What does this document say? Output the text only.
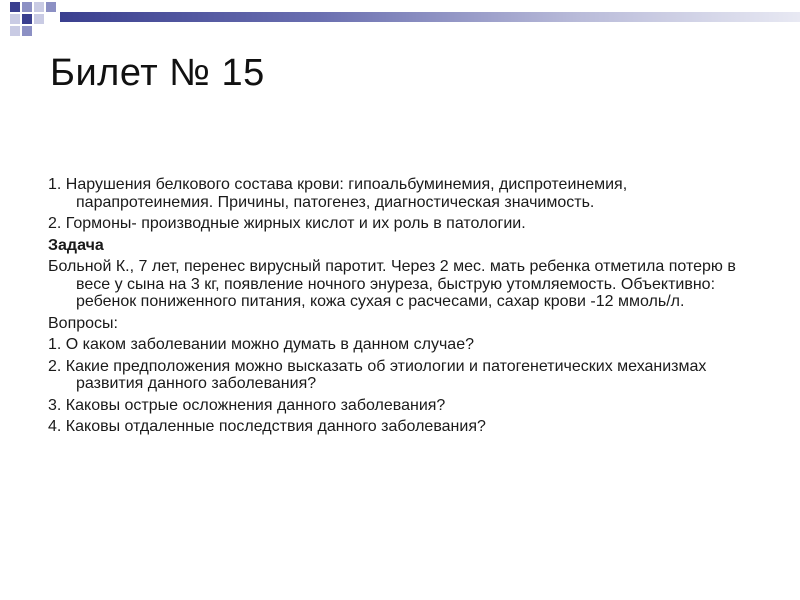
Билет № 15

1. Нарушения белкового состава крови: гипоальбуминемия, диспротеинемия, парапротеинемия. Причины, патогенез, диагностическая значимость.

2. Гормоны- производные жирных кислот и их роль в патологии.

Задача

Больной К., 7 лет, перенес вирусный паротит. Через 2 мес. мать ребенка отметила потерю в весе у сына на 3 кг, появление ночного энуреза, быструю утомляемость. Объективно: ребенок пониженного питания, кожа сухая с расчесами, сахар крови -12 ммоль/л.

Вопросы:

1. О каком заболевании можно думать в данном случае?

2. Какие предположения можно высказать об этиологии и патогенетических механизмах развития данного заболевания?

3. Каковы острые осложнения данного заболевания?

4. Каковы отдаленные последствия данного заболевания?
